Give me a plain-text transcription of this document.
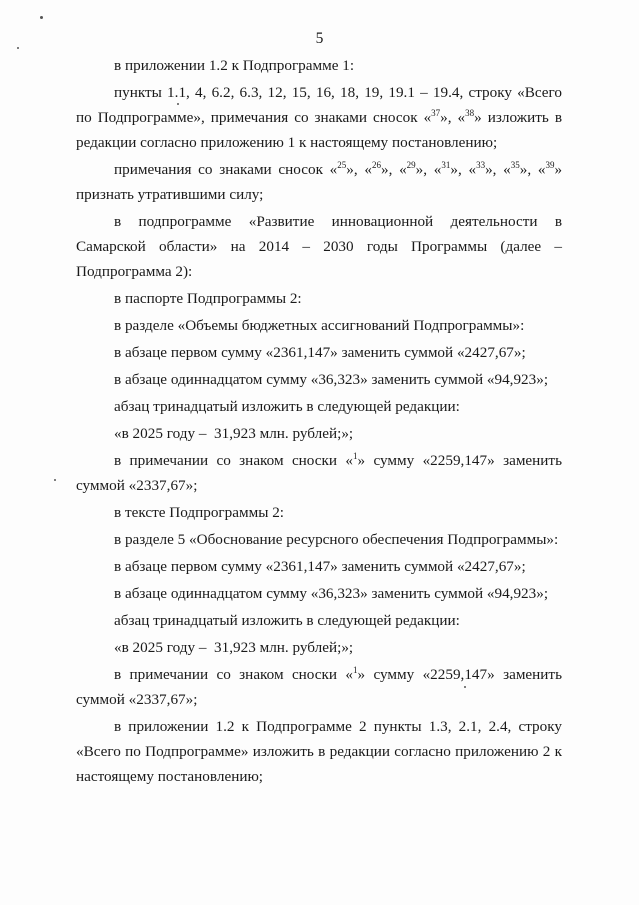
5

в приложении 1.2 к Подпрограмме 1:

пункты 1.1, 4, 6.2, 6.3, 12, 15, 16, 18, 19, 19.1 – 19.4, строку «Всего по Подпрограмме», примечания со знаками сносок «$^{37}$», «$^{38}$» изложить в редакции согласно приложению 1 к настоящему постановлению;

примечания со знаками сносок «$^{25}$», «$^{26}$», «$^{29}$», «$^{31}$», «$^{33}$», «$^{35}$», «$^{39}$» признать утратившими силу;

в подпрограмме «Развитие инновационной деятельности в Самарской области» на 2014 – 2030 годы Программы (далее – Подпрограмма 2):

в паспорте Подпрограммы 2:

в разделе «Объемы бюджетных ассигнований Подпрограммы»:

в абзаце первом сумму «2361,147» заменить суммой «2427,67»;

в абзаце одиннадцатом сумму «36,323» заменить суммой «94,923»;

абзац тринадцатый изложить в следующей редакции:

«в 2025 году –  31,923 млн. рублей;»;

в примечании со знаком сноски «$^1$» сумму «2259,147» заменить суммой «2337,67»;

в тексте Подпрограммы 2:

в разделе 5 «Обоснование ресурсного обеспечения Подпрограммы»:

в абзаце первом сумму «2361,147» заменить суммой «2427,67»;

в абзаце одиннадцатом сумму «36,323» заменить суммой «94,923»;

абзац тринадцатый изложить в следующей редакции:

«в 2025 году –  31,923 млн. рублей;»;

в примечании со знаком сноски «$^1$» сумму «2259,147» заменить суммой «2337,67»;

в приложении 1.2 к Подпрограмме 2 пункты 1.3, 2.1, 2.4, строку «Всего по Подпрограмме» изложить в редакции согласно приложению 2 к настоящему постановлению;
